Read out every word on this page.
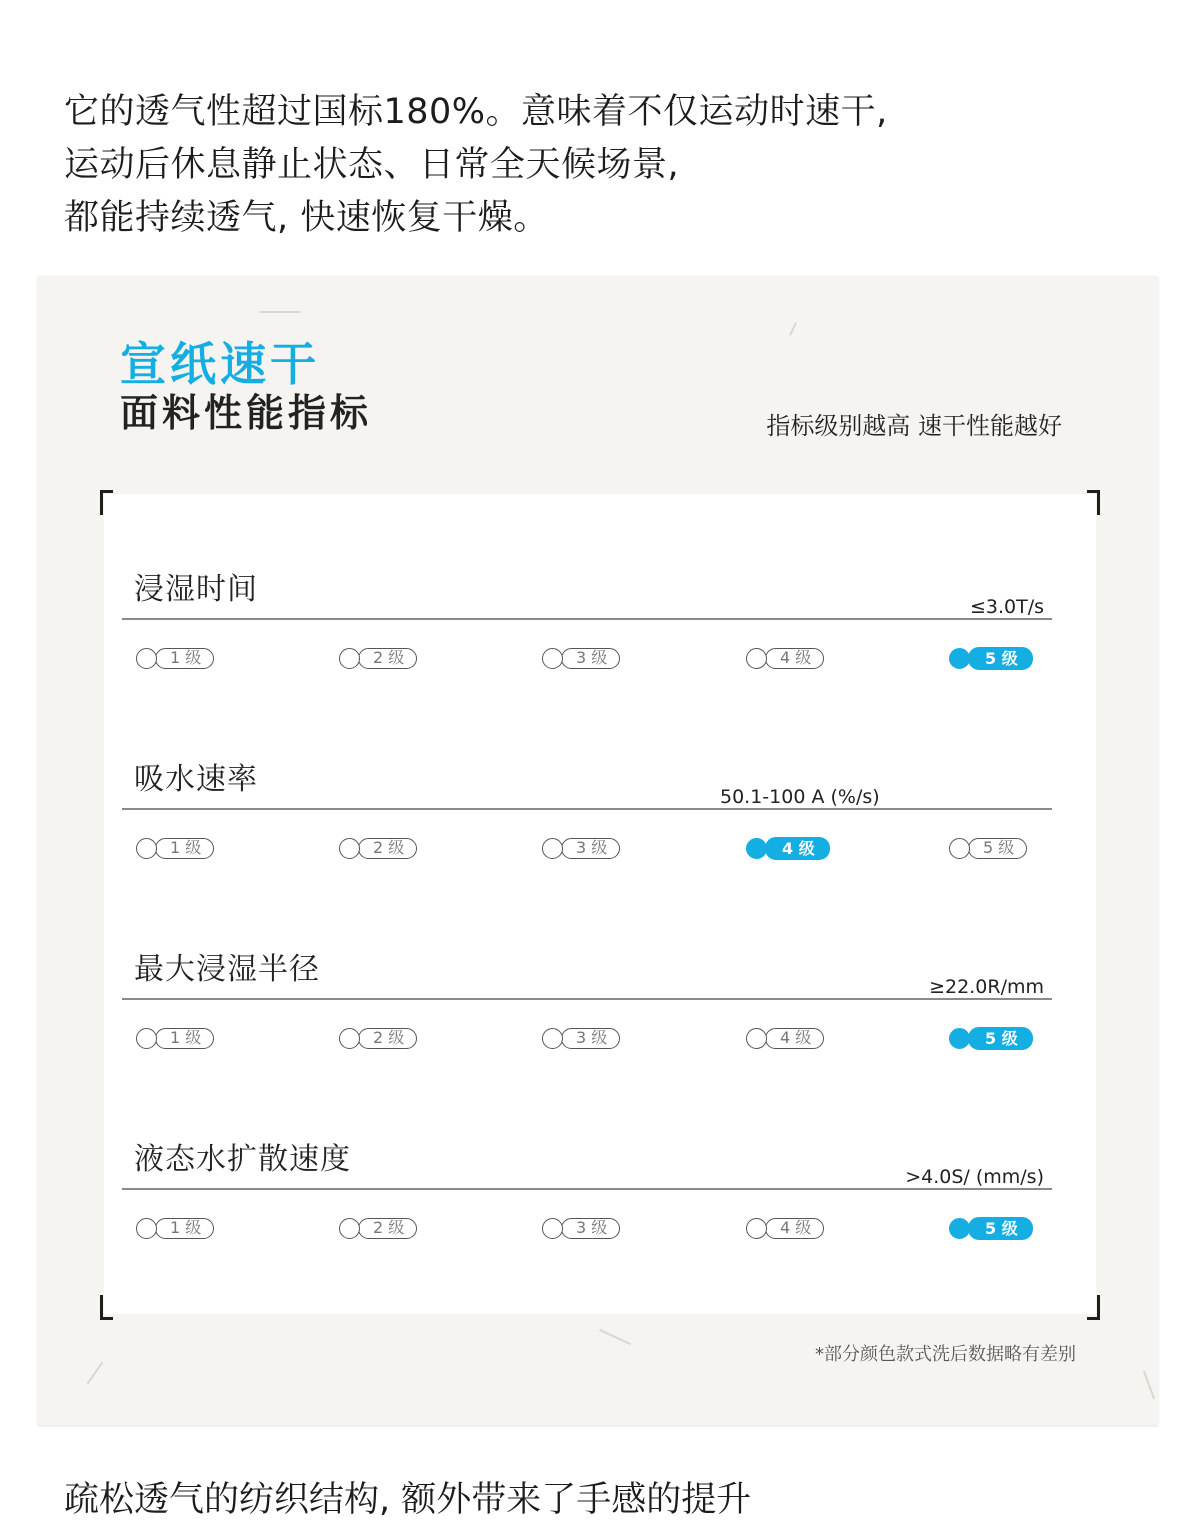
它的透气性超过国标180%。意味着不仅运动时速干,
运动后休息静止状态、日常全天候场景,
都能持续透气, 快速恢复干燥。
宣纸速干
面料性能指标	指标级别越高 速干性能越好
浸湿时间	≤3.0T/s
1 级	2 级	3 级	4 级	5 级
吸水速率	50.1-100 A (%/s)
1 级	2 级	3 级	4 级	5 级
最大浸湿半径	≥22.0R/mm
1 级	2 级	3 级	4 级	5 级
液态水扩散速度	>4.0S/ (mm/s)
1 级	2 级	3 级	4 级	5 级
*部分颜色款式洗后数据略有差别
疏松透气的纺织结构, 额外带来了手感的提升
